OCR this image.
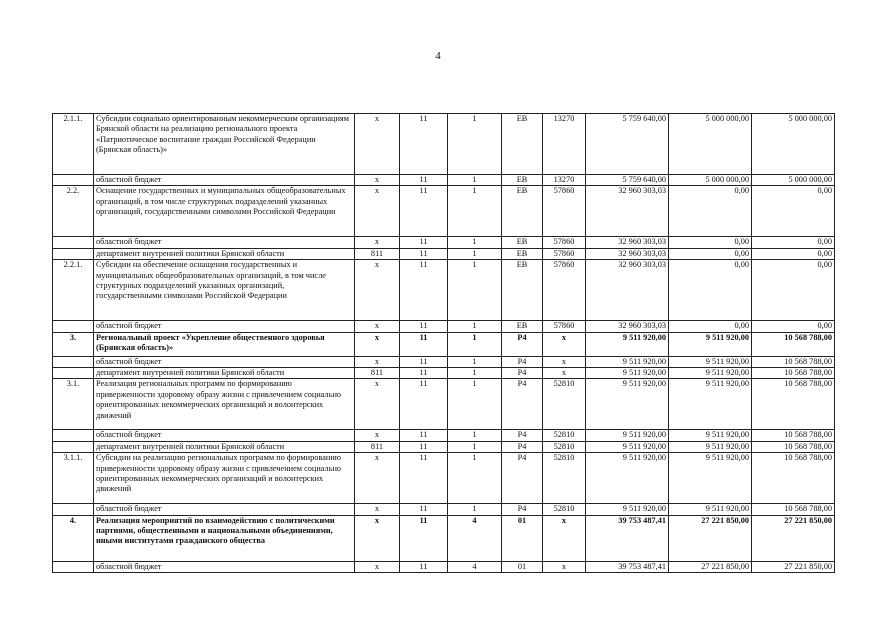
4
2.1.1.	Субсидии социально ориентированным некоммерческим организациям Брянской области на реализацию регионального проекта «Патриотическое воспитание граждан Российской Федерации (Брянская область)»	x	11	1	ЕВ	13270	5 759 640,00	5 000 000,00	5 000 000,00
	областной бюджет	x	11	1	ЕВ	13270	5 759 640,00	5 000 000,00	5 000 000,00
2.2.	Оснащение государственных и муниципальных общеобразовательных организаций, в том числе структурных подразделений указанных организаций, государственными символами Российской Федерации	x	11	1	ЕВ	57860	32 960 303,03	0,00	0,00
	областной бюджет	x	11	1	ЕВ	57860	32 960 303,03	0,00	0,00
	департамент внутренней политики Брянской области	811	11	1	ЕВ	57860	32 960 303,03	0,00	0,00
2.2.1.	Субсидии на обеспечение оснащения государственных и муниципальных общеобразовательных организаций, в том числе структурных подразделений указанных организаций, государственными символами Российской Федерации	x	11	1	ЕВ	57860	32 960 303,03	0,00	0,00
	областной бюджет	x	11	1	ЕВ	57860	32 960 303,03	0,00	0,00
3.	Региональный проект «Укрепление общественного здоровья (Брянская область)»	x	11	1	Р4	x	9 511 920,00	9 511 920,00	10 568 788,00
	областной бюджет	x	11	1	Р4	x	9 511 920,00	9 511 920,00	10 568 788,00
	департамент внутренней политики Брянской области	811	11	1	Р4	x	9 511 920,00	9 511 920,00	10 568 788,00
3.1.	Реализация региональных программ по формированию приверженности здоровому образу жизни с привлечением социально ориентированных некоммерческих организаций и волонтерских движений	x	11	1	Р4	52810	9 511 920,00	9 511 920,00	10 568 788,00
	областной бюджет	x	11	1	Р4	52810	9 511 920,00	9 511 920,00	10 568 788,00
	департамент внутренней политики Брянской области	811	11	1	Р4	52810	9 511 920,00	9 511 920,00	10 568 788,00
3.1.1.	Субсидии на реализацию региональных программ по формированию приверженности здоровому образу жизни с привлечением социально ориентированных некоммерческих организаций и волонтерских движений	x	11	1	Р4	52810	9 511 920,00	9 511 920,00	10 568 788,00
	областной бюджет	x	11	1	Р4	52810	9 511 920,00	9 511 920,00	10 568 788,00
4.	Реализация мероприятий по взаимодействию с политическими партиями, общественными и национальными объединениями, иными институтами гражданского общества	x	11	4	01	x	39 753 487,41	27 221 850,00	27 221 850,00
	областной бюджет	x	11	4	01	x	39 753 487,41	27 221 850,00	27 221 850,00
